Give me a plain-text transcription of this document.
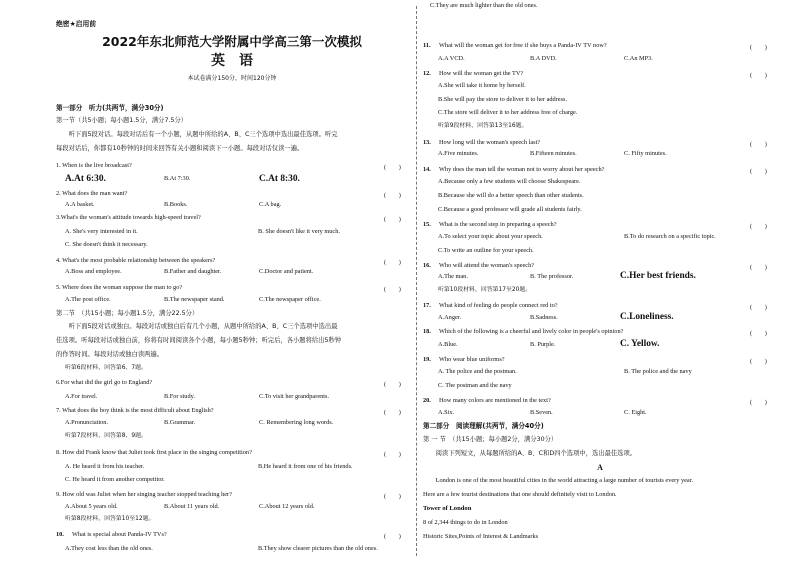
绝密★启用前
2022年东北师范大学附属中学高三第一次模拟
英　语
本试卷满分150分，时间120分钟
第一部分　听力(共两节，满分30分)
第一节（共5小题；每小题1.5分，满分7.5分）
　　听下面5段对话。每段对话后有一个小题，从题中所给的A、B、C三个选项中选出最佳选项。听完
每段对话后，你都有10秒钟的时间来回答有关小题和阅读下一小题。每段对话仅读一遍。
1. When is the live broadcast?	(　　)
A.At 6:30.	B.At 7:30.	C.At 8:30.
2. What does the man want?	(　　)
A.A basket.	B.Books.	C.A bag.
3.What's the woman's attitude towards high-speed travel?	(　　)
A. She's very interested in it.	B. She doesn't like it very much.
C. She doesn't think it necessary.
4. What's the most probable relationship between the speakers?	(　　)
A.Boss and employee.	B.Father and daughter.	C.Doctor and patient.
5. Where does the woman suppose the man to go?	(　　)
A.The post office.	B.The newspaper stand.	C.The newspaper office.
第二节　（共15小题；每小题1.5分，满分22.5分）
　　听下面5段对话或独白。每段对话或独白后有几个小题，从题中所给的A、B、C三个选项中选出最
佳选项。听每段对话或独白前，你将有时间阅读各个小题，每小题5秒钟；听完后，各小题将给出5秒钟
的作答时间。每段对话或独白读两遍。
听第6段材料，回答第6、7题。
6.For what did the girl go to England?	(　　)
A.For travel.	B.For study.	C.To visit her grandparents.
7. What does the boy think is the most difficult about English?	(　　)
A.Pronunciation.	B.Grammar.	C. Remembering long words.
听第7段材料，回答第8、9题。
8. How did Frank know that Juliet took first place in the singing competition?	(　　)
A. He heard it from his teacher.	B.He heard it from one of his friends.
C. He heard it from another competitor.
9. How old was Juliet when her singing teacher stopped teaching her?	(　　)
A.About 5 years old.	B.About 11 years old.	C.About 12 years old.
听第8段材料，回答第10至12题。
10. What is special about Panda-IV TVs?	(　　)
A.They cost less than the old ones.	B.They show clearer pictures than the old ones.
C.They are much lighter than the old ones.
11. What will the woman get for free if she buys a Panda-IV TV now?	(　　)
A.A VCD.	B.A DVD.	C.An MP3.
12. How will the woman get the TV?	(　　)
A.She will take it home by herself.
B.She will pay the store to deliver it to her address.
C.The store will deliver it to her address free of charge.
听第9段材料，回答第13至16题。
13. How long will the woman's speech last?	(　　)
A.Five minutes.	B.Fifteen minutes.	C. Fifty minutes.
14. Why does the man tell the woman not to worry about her speech?	(　　)
A.Because only a few students will choose Shakespeare.
B.Because she will do a better speech than other students.
C.Because a good professor will grade all students fairly.
15. What is the second step in preparing a speech?	(　　)
A.To select your topic about your speech.	B.To do research on a specific topic.
C.To write an outline for your speech.
16. Who will attend the woman's speech?	(　　)
A.The man.	B. The professor.	C.Her best friends.
听第10段材料，回答第17至20题。
17. What kind of feeling do people connect red to?	(　　)
A.Anger.	B.Sadness.	C.Loneliness.
18. Which of the following is a cheerful and lively color in people's opinion?	(　　)
A.Blue.	B. Purple.	C. Yellow.
19. Who wear blue uniforms?	(　　)
A. The police and the postman.	B. The police and the navy
C. The postman and the navy
20. How many colors are mentioned in the text?	(　　)
A.Six.	B.Seven.	C. Eight.
第二部分　阅读理解(共两节，满分40分)
第 一 节　（共15小题；每小题2分，满分30分）
　　阅读下列短文，从每题所给的A、B、C和D四个选项中，选出最佳选项。
A
　　London is one of the most beautiful cities in the world attracting a large number of tourists every year.
Here are a few tourist destinations that one should definitely visit to London.
Tower of London
8 of 2,344 things to do in London
Historic Sites,Points of Interest & Landmarks
